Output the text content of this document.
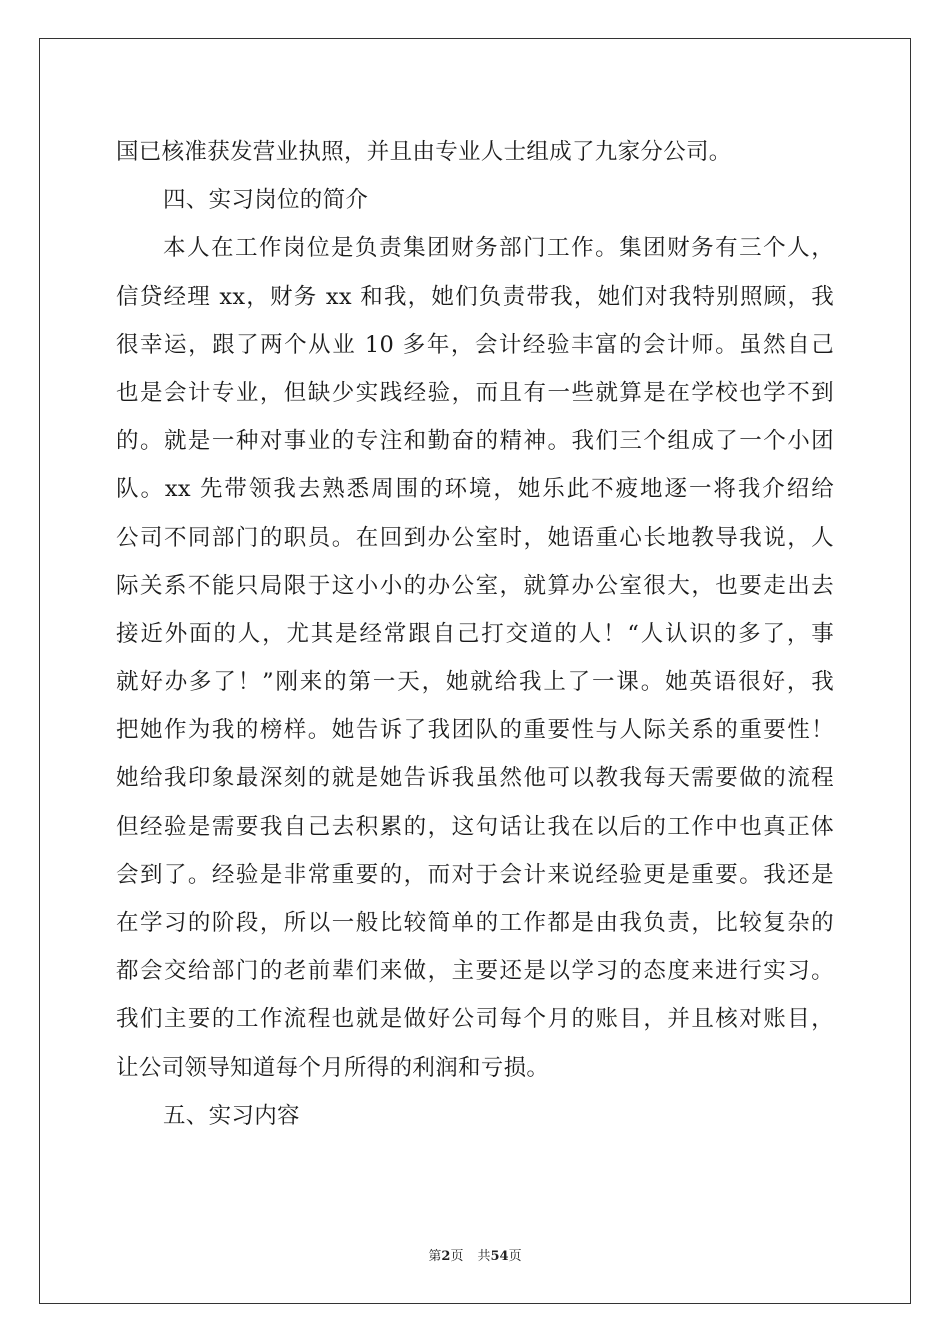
国已核准获发营业执照，并且由专业人士组成了九家分公司。
四、实习岗位的简介
本人在工作岗位是负责集团财务部门工作。集团财务有三个人，
信贷经理 xx，财务 xx 和我，她们负责带我，她们对我特别照顾，我
很幸运，跟了两个从业 10 多年，会计经验丰富的会计师。虽然自己
也是会计专业，但缺少实践经验，而且有一些就算是在学校也学不到
的。就是一种对事业的专注和勤奋的精神。我们三个组成了一个小团
队。xx 先带领我去熟悉周围的环境，她乐此不疲地逐一将我介绍给
公司不同部门的职员。在回到办公室时，她语重心长地教导我说，人
际关系不能只局限于这小小的办公室，就算办公室很大，也要走出去
接近外面的人，尤其是经常跟自己打交道的人！“人认识的多了，事
就好办多了！”刚来的第一天，她就给我上了一课。她英语很好，我
把她作为我的榜样。她告诉了我团队的重要性与人际关系的重要性！
她给我印象最深刻的就是她告诉我虽然他可以教我每天需要做的流程
但经验是需要我自己去积累的，这句话让我在以后的工作中也真正体
会到了。经验是非常重要的，而对于会计来说经验更是重要。我还是
在学习的阶段，所以一般比较简单的工作都是由我负责，比较复杂的
都会交给部门的老前辈们来做，主要还是以学习的态度来进行实习。
我们主要的工作流程也就是做好公司每个月的账目，并且核对账目，
让公司领导知道每个月所得的利润和亏损。
五、实习内容
第2页 共54页
